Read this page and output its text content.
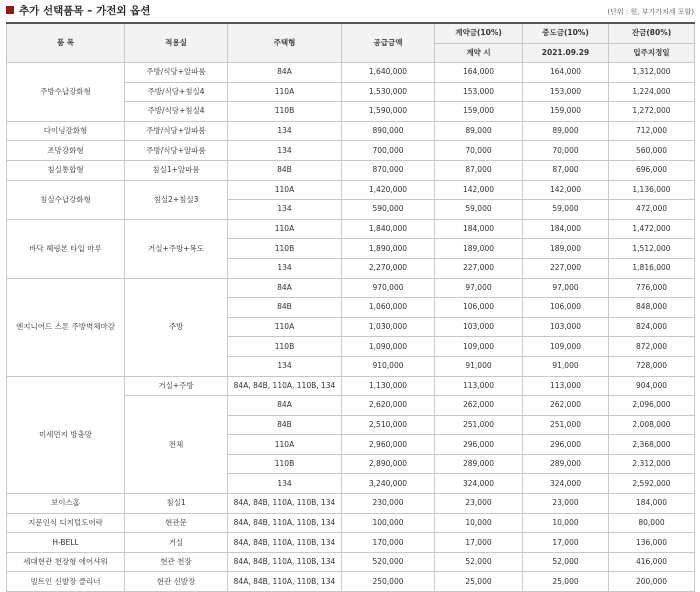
추가 선택품목 – 가전외 옵션	(단위 : 원, 부가가치세 포함)
품 목	적용실	주택형	공급금액	계약금(10%)	중도금(10%)	잔금(80%)
				계약 시	2021.09.29	입주지정일
주방수납강화형	주방/식당+알파룸	84A	1,640,000	164,000	164,000	1,312,000
	주방/식당+침실4	110A	1,530,000	153,000	153,000	1,224,000
	주방/식당+침실4	110B	1,590,000	159,000	159,000	1,272,000
다이닝강화형	주방/식당+알파룸	134	890,000	89,000	89,000	712,000
조망강화형	주방/식당+알파룸	134	700,000	70,000	70,000	560,000
침실통합형	침실1+알파룸	84B	870,000	87,000	87,000	696,000
침실수납강화형	침실2+침실3	110A	1,420,000	142,000	142,000	1,136,000
		134	590,000	59,000	59,000	472,000
바닥 헤링본 타입 마루	거실+주방+복도	110A	1,840,000	184,000	184,000	1,472,000
		110B	1,890,000	189,000	189,000	1,512,000
		134	2,270,000	227,000	227,000	1,816,000
엔지니어드 스톤 주방벽체마감	주방	84A	970,000	97,000	97,000	776,000
		84B	1,060,000	106,000	106,000	848,000
		110A	1,030,000	103,000	103,000	824,000
		110B	1,090,000	109,000	109,000	872,000
		134	910,000	91,000	91,000	728,000
미세먼지 방충망	거실+주방	84A, 84B, 110A, 110B, 134	1,130,000	113,000	113,000	904,000
	전체	84A	2,620,000	262,000	262,000	2,096,000
		84B	2,510,000	251,000	251,000	2,008,000
		110A	2,960,000	296,000	296,000	2,368,000
		110B	2,890,000	289,000	289,000	2,312,000
		134	3,240,000	324,000	324,000	2,592,000
보이스홈	침실1	84A, 84B, 110A, 110B, 134	230,000	23,000	23,000	184,000
지문인식 디지털도어락	현관문	84A, 84B, 110A, 110B, 134	100,000	10,000	10,000	80,000
H-BELL	거실	84A, 84B, 110A, 110B, 134	170,000	17,000	17,000	136,000
세대현관 천장형 에어샤워	현관 천장	84A, 84B, 110A, 110B, 134	520,000	52,000	52,000	416,000
빌트인 신발장 클리너	현관 신발장	84A, 84B, 110A, 110B, 134	250,000	25,000	25,000	200,000
